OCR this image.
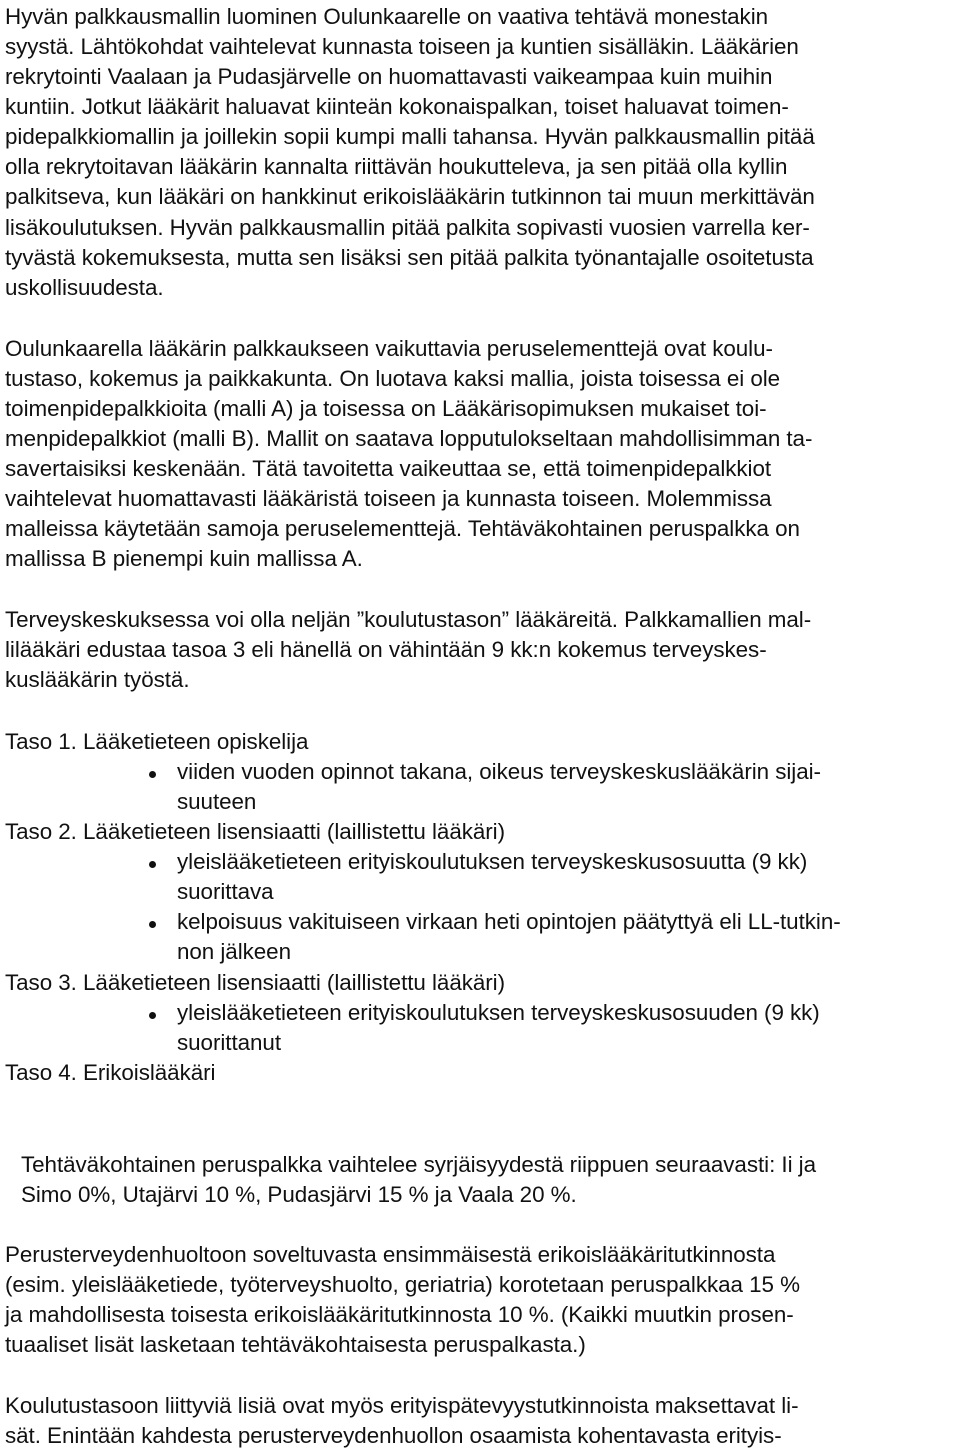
Hyvän palkkausmallin luominen Oulunkaarelle on vaativa tehtävä monestakin

syystä. Lähtökohdat vaihtelevat kunnasta toiseen ja kuntien sisälläkin. Lääkärien

rekrytointi Vaalaan ja Pudasjärvelle on huomattavasti vaikeampaa kuin muihin

kuntiin. Jotkut lääkärit haluavat kiinteän kokonaispalkan, toiset haluavat toimen-

pidepalkkiomallin ja joillekin sopii kumpi malli tahansa. Hyvän palkkausmallin pitää

olla rekrytoitavan lääkärin kannalta riittävän houkutteleva, ja sen pitää olla kyllin

palkitseva, kun lääkäri on hankkinut erikoislääkärin tutkinnon tai muun merkittävän

lisäkoulutuksen. Hyvän palkkausmallin pitää palkita sopivasti vuosien varrella ker-

tyvästä kokemuksesta, mutta sen lisäksi sen pitää palkita työnantajalle osoitetusta

uskollisuudesta.

Oulunkaarella lääkärin palkkaukseen vaikuttavia peruselementtejä ovat koulu-

tustaso, kokemus ja paikkakunta. On luotava kaksi mallia, joista toisessa ei ole

toimenpidepalkkioita (malli A) ja toisessa on Lääkärisopimuksen mukaiset toi-

menpidepalkkiot (malli B). Mallit on saatava lopputulokseltaan mahdollisimman ta-

savertaisiksi keskenään. Tätä tavoitetta vaikeuttaa se, että toimenpidepalkkiot

vaihtelevat huomattavasti lääkäristä toiseen ja kunnasta toiseen. Molemmissa

malleissa käytetään samoja peruselementtejä. Tehtäväkohtainen peruspalkka on

mallissa B pienempi kuin mallissa A.

Terveyskeskuksessa voi olla neljän ”koulutustason” lääkäreitä. Palkkamallien mal-

lilääkäri edustaa tasoa 3 eli hänellä on vähintään 9 kk:n kokemus terveyskes-

kuslääkärin työstä.

Taso 1. Lääketieteen opiskelija

viiden vuoden opinnot takana, oikeus terveyskeskuslääkärin sijai-

suuteen

Taso 2. Lääketieteen lisensiaatti (laillistettu lääkäri)

yleislääketieteen erityiskoulutuksen terveyskeskusosuutta (9 kk)

suorittava

kelpoisuus vakituiseen virkaan heti opintojen päätyttyä eli LL-tutkin-

non jälkeen

Taso 3. Lääketieteen lisensiaatti (laillistettu lääkäri)

yleislääketieteen erityiskoulutuksen terveyskeskusosuuden (9 kk)

suorittanut

Taso 4. Erikoislääkäri

Tehtäväkohtainen peruspalkka vaihtelee syrjäisyydestä riippuen seuraavasti: Ii ja

Simo 0%, Utajärvi 10 %, Pudasjärvi 15 % ja Vaala 20 %.

Perusterveydenhuoltoon soveltuvasta ensimmäisestä erikoislääkäritutkinnosta

(esim. yleislääketiede, työterveyshuolto, geriatria) korotetaan peruspalkkaa 15 %

ja mahdollisesta toisesta erikoislääkäritutkinnosta 10 %. (Kaikki muutkin prosen-

tuaaliset lisät lasketaan tehtäväkohtaisesta peruspalkasta.)

Koulutustasoon liittyviä lisiä ovat myös erityispätevyystutkinnoista maksettavat li-

sät. Enintään kahdesta perusterveydenhuollon osaamista kohentavasta erityis-
